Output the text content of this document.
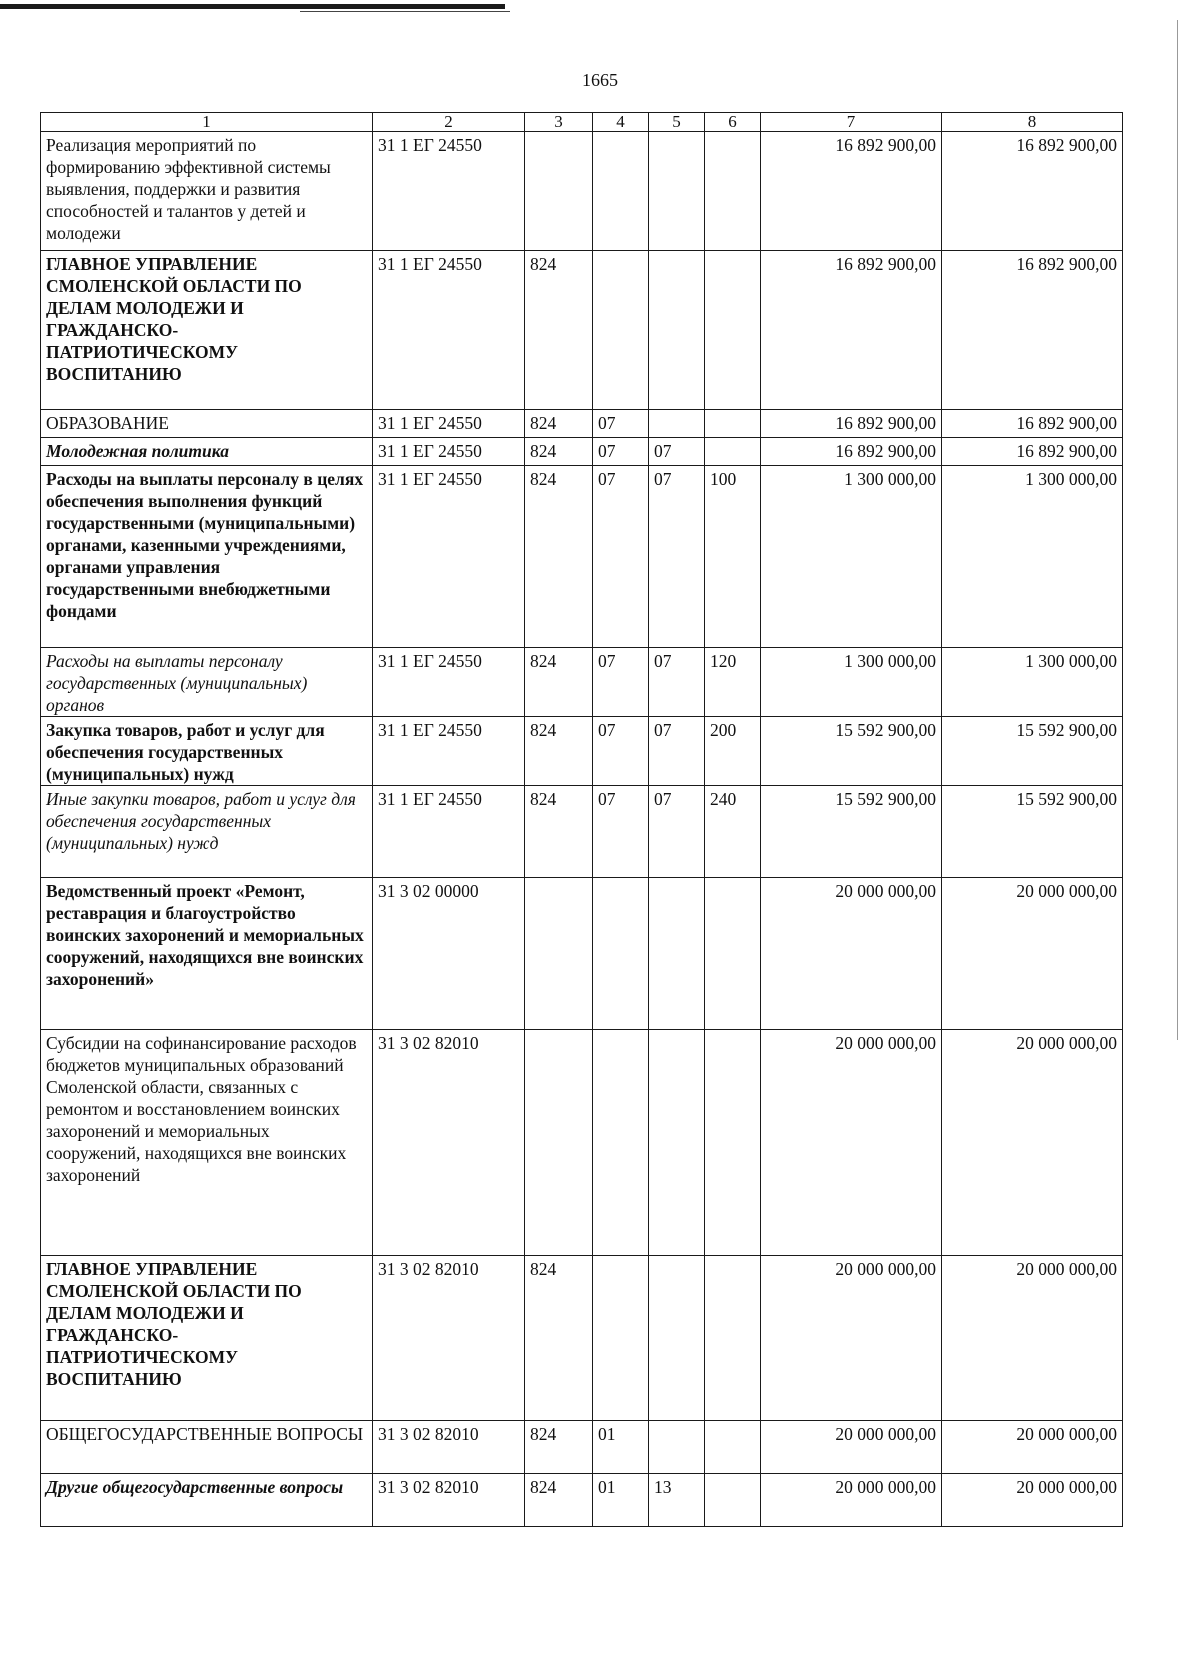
1665
1	2	3	4	5	6	7	8
Реализация мероприятий по формированию эффективной системы выявления, поддержки и развития способностей и талантов у детей и молодежи	31 1 ЕГ 24550					16 892 900,00	16 892 900,00
ГЛАВНОЕ УПРАВЛЕНИЕ СМОЛЕНСКОЙ ОБЛАСТИ ПО ДЕЛАМ МОЛОДЕЖИ И ГРАЖДАНСКО-ПАТРИОТИЧЕСКОМУ ВОСПИТАНИЮ	31 1 ЕГ 24550	824				16 892 900,00	16 892 900,00
ОБРАЗОВАНИЕ	31 1 ЕГ 24550	824	07			16 892 900,00	16 892 900,00
Молодежная политика	31 1 ЕГ 24550	824	07	07		16 892 900,00	16 892 900,00
Расходы на выплаты персоналу в целях обеспечения выполнения функций государственными (муниципальными) органами, казенными учреждениями, органами управления государственными внебюджетными фондами	31 1 ЕГ 24550	824	07	07	100	1 300 000,00	1 300 000,00
Расходы на выплаты персоналу государственных (муниципальных) органов	31 1 ЕГ 24550	824	07	07	120	1 300 000,00	1 300 000,00
Закупка товаров, работ и услуг для обеспечения государственных (муниципальных) нужд	31 1 ЕГ 24550	824	07	07	200	15 592 900,00	15 592 900,00
Иные закупки товаров, работ и услуг для обеспечения государственных (муниципальных) нужд	31 1 ЕГ 24550	824	07	07	240	15 592 900,00	15 592 900,00
Ведомственный проект «Ремонт, реставрация и благоустройство воинских захоронений и мемориальных сооружений, находящихся вне воинских захоронений»	31 3 02 00000					20 000 000,00	20 000 000,00
Субсидии на софинансирование расходов бюджетов муниципальных образований Смоленской области, связанных с ремонтом и восстановлением воинских захоронений и мемориальных сооружений, находящихся вне воинских захоронений	31 3 02 82010					20 000 000,00	20 000 000,00
ГЛАВНОЕ УПРАВЛЕНИЕ СМОЛЕНСКОЙ ОБЛАСТИ ПО ДЕЛАМ МОЛОДЕЖИ И ГРАЖДАНСКО-ПАТРИОТИЧЕСКОМУ ВОСПИТАНИЮ	31 3 02 82010	824				20 000 000,00	20 000 000,00
ОБЩЕГОСУДАРСТВЕННЫЕ ВОПРОСЫ	31 3 02 82010	824	01			20 000 000,00	20 000 000,00
Другие общегосударственные вопросы	31 3 02 82010	824	01	13		20 000 000,00	20 000 000,00
